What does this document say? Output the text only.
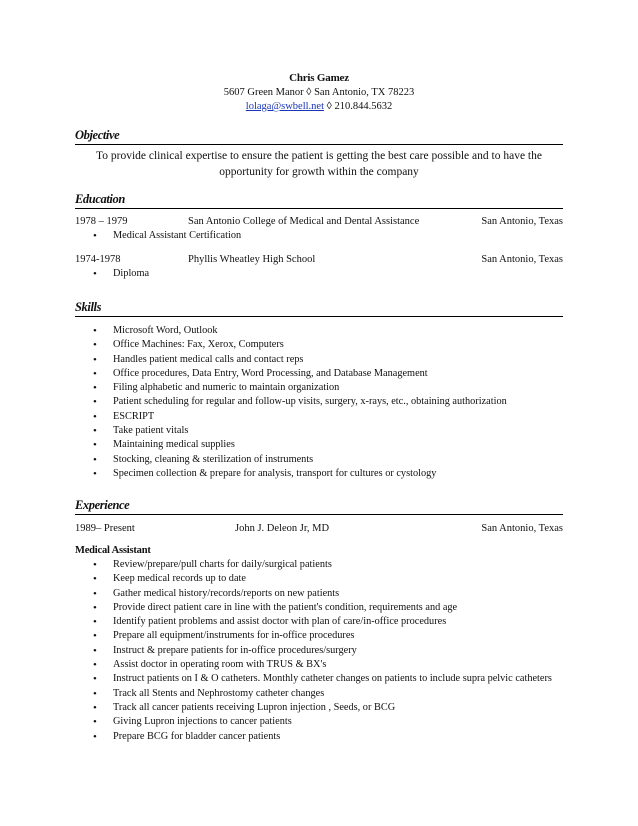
Chris Gamez
5607 Green Manor ◊ San Antonio, TX 78223
lolaga@swbell.net ◊ 210.844.5632
Objective
To provide clinical expertise to ensure the patient is getting the best care possible and to have the opportunity for growth within the company
Education
1978 – 1979	San Antonio College of Medical and Dental Assistance	San Antonio, Texas
• Medical Assistant Certification
1974-1978	Phyllis Wheatley High School	San Antonio, Texas
• Diploma
Skills
• Microsoft Word, Outlook
• Office Machines: Fax, Xerox, Computers
• Handles patient medical calls and contact reps
• Office procedures, Data Entry, Word Processing, and Database Management
• Filing alphabetic and numeric to maintain organization
• Patient scheduling for regular and follow-up visits, surgery, x-rays, etc., obtaining authorization
• ESCRIPT
• Take patient vitals
• Maintaining medical supplies
• Stocking, cleaning & sterilization of instruments
• Specimen collection & prepare for analysis, transport for cultures or cystology
Experience
1989– Present	John J. Deleon Jr, MD	San Antonio, Texas
Medical Assistant
• Review/prepare/pull charts for daily/surgical patients
• Keep medical records up to date
• Gather medical history/records/reports on new patients
• Provide direct patient care in line with the patient's condition, requirements and age
• Identify patient problems and assist doctor with plan of care/in-office procedures
• Prepare all equipment/instruments for in-office procedures
• Instruct & prepare patients for in-office procedures/surgery
• Assist doctor in operating room with TRUS & BX's
• Instruct patients on I & O catheters. Monthly catheter changes on patients to include supra pelvic catheters
• Track all Stents and Nephrostomy catheter changes
• Track all cancer patients receiving Lupron injection , Seeds, or BCG
• Giving Lupron injections to cancer patients
• Prepare BCG for bladder cancer patients
